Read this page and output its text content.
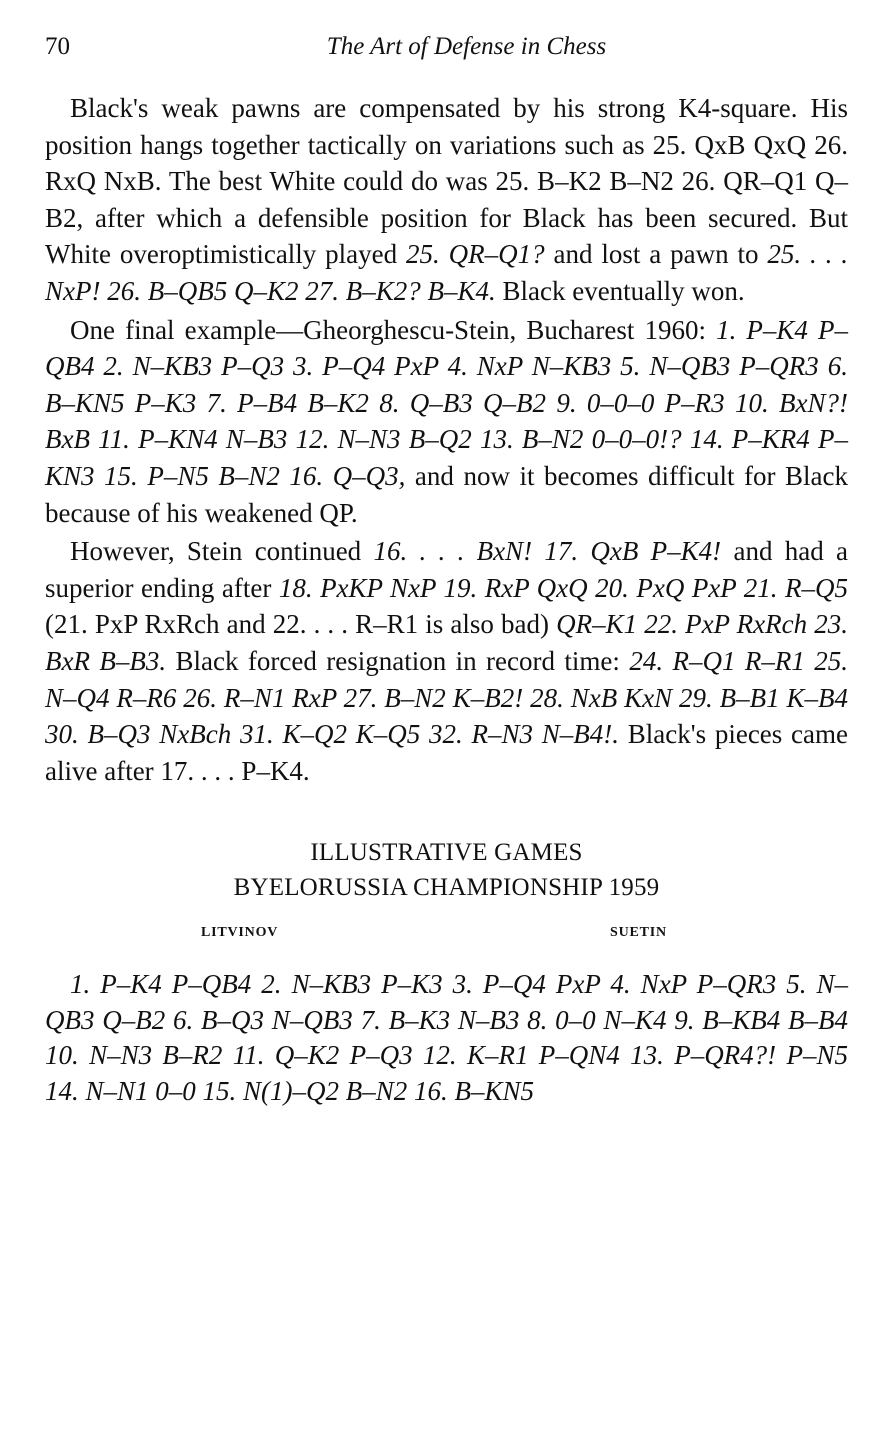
70	The Art of Defense in Chess

Black's weak pawns are compensated by his strong K4-square. His position hangs together tactically on variations such as 25. QxB QxQ 26. RxQ NxB. The best White could do was 25. B–K2 B–N2 26. QR–Q1 Q–B2, after which a defensible position for Black has been secured. But White overoptimistically played 25. QR–Q1? and lost a pawn to 25. . . . NxP! 26. B–QB5 Q–K2 27. B–K2? B–K4. Black eventually won.

One final example—Gheorghescu-Stein, Bucharest 1960: 1. P–K4 P–QB4 2. N–KB3 P–Q3 3. P–Q4 PxP 4. NxP N–KB3 5. N–QB3 P–QR3 6. B–KN5 P–K3 7. P–B4 B–K2 8. Q–B3 Q–B2 9. 0–0–0 P–R3 10. BxN?! BxB 11. P–KN4 N–B3 12. N–N3 B–Q2 13. B–N2 0–0–0!? 14. P–KR4 P–KN3 15. P–N5 B–N2 16. Q–Q3, and now it becomes difficult for Black because of his weakened QP.

However, Stein continued 16. . . . BxN! 17. QxB P–K4! and had a superior ending after 18. PxKP NxP 19. RxP QxQ 20. PxQ PxP 21. R–Q5 (21. PxP RxRch and 22. . . . R–R1 is also bad) QR–K1 22. PxP RxRch 23. BxR B–B3. Black forced resignation in record time: 24. R–Q1 R–R1 25. N–Q4 R–R6 26. R–N1 RxP 27. B–N2 K–B2! 28. NxB KxN 29. B–B1 K–B4 30. B–Q3 NxBch 31. K–Q2 K–Q5 32. R–N3 N–B4!. Black's pieces came alive after 17. . . . P–K4.

ILLUSTRATIVE GAMES
BYELORUSSIA CHAMPIONSHIP 1959
LITVINOV	SUETIN

1. P–K4 P–QB4 2. N–KB3 P–K3 3. P–Q4 PxP 4. NxP P–QR3 5. N–QB3 Q–B2 6. B–Q3 N–QB3 7. B–K3 N–B3 8. 0–0 N–K4 9. B–KB4 B–B4 10. N–N3 B–R2 11. Q–K2 P–Q3 12. K–R1 P–QN4 13. P–QR4?! P–N5 14. N–N1 0–0 15. N(1)–Q2 B–N2 16. B–KN5
